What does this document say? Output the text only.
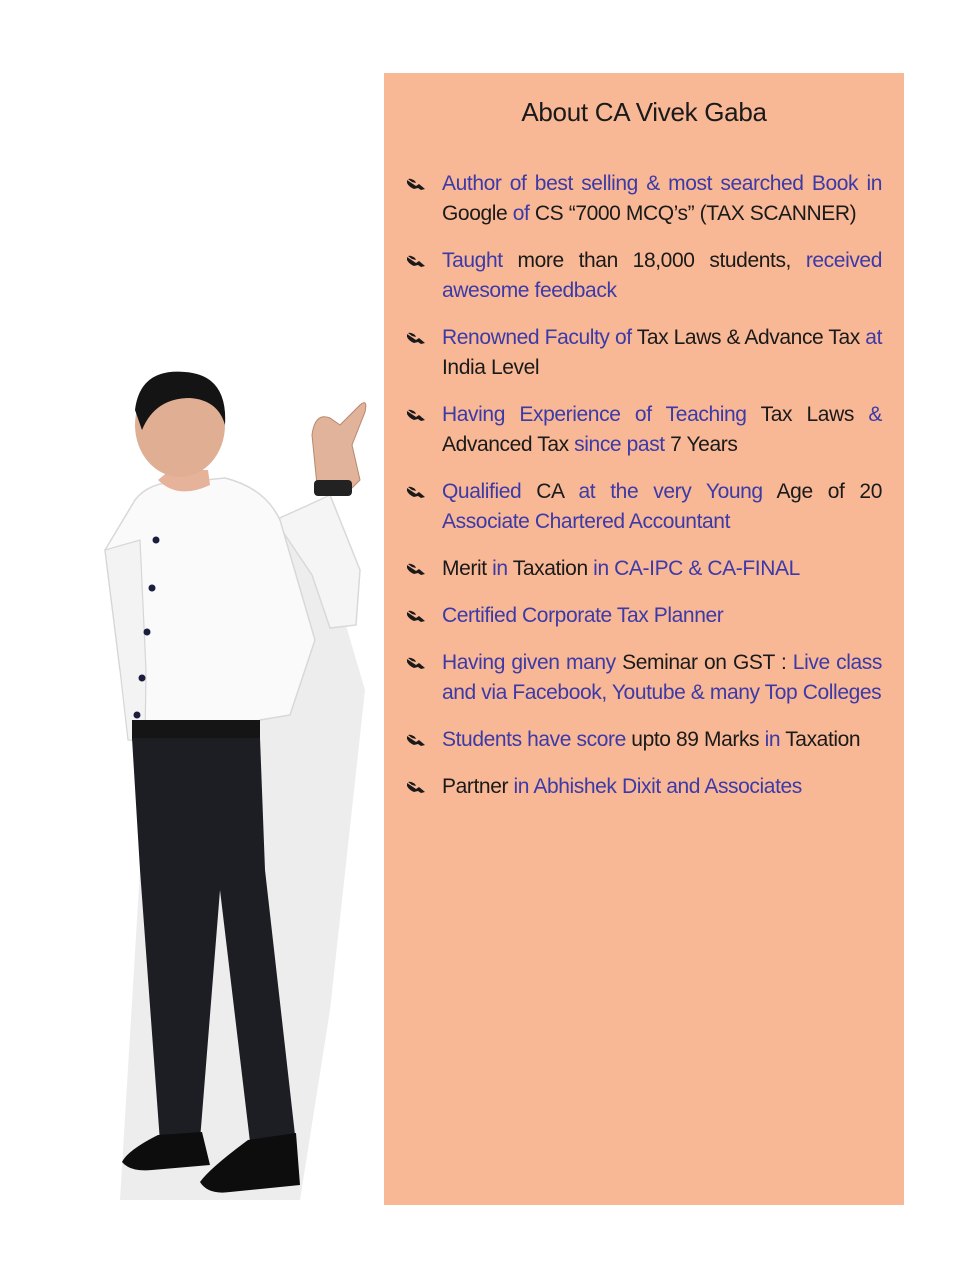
About CA Vivek Gaba
Author of best selling & most searched Book in Google of CS “7000 MCQ’s” (TAX SCANNER)
Taught more than 18,000 students, received awesome feedback
Renowned Faculty of Tax Laws & Advance Tax at India Level
Having Experience of Teaching Tax Laws & Advanced Tax since past 7 Years
Qualified CA at the very Young Age of 20 Associate Chartered Accountant
Merit in Taxation in CA-IPC & CA-FINAL
Certified Corporate Tax Planner
Having given many Seminar on GST : Live class and via Facebook, Youtube & many Top Colleges
Students have score upto 89 Marks in Taxation
Partner in Abhishek Dixit and Associates
